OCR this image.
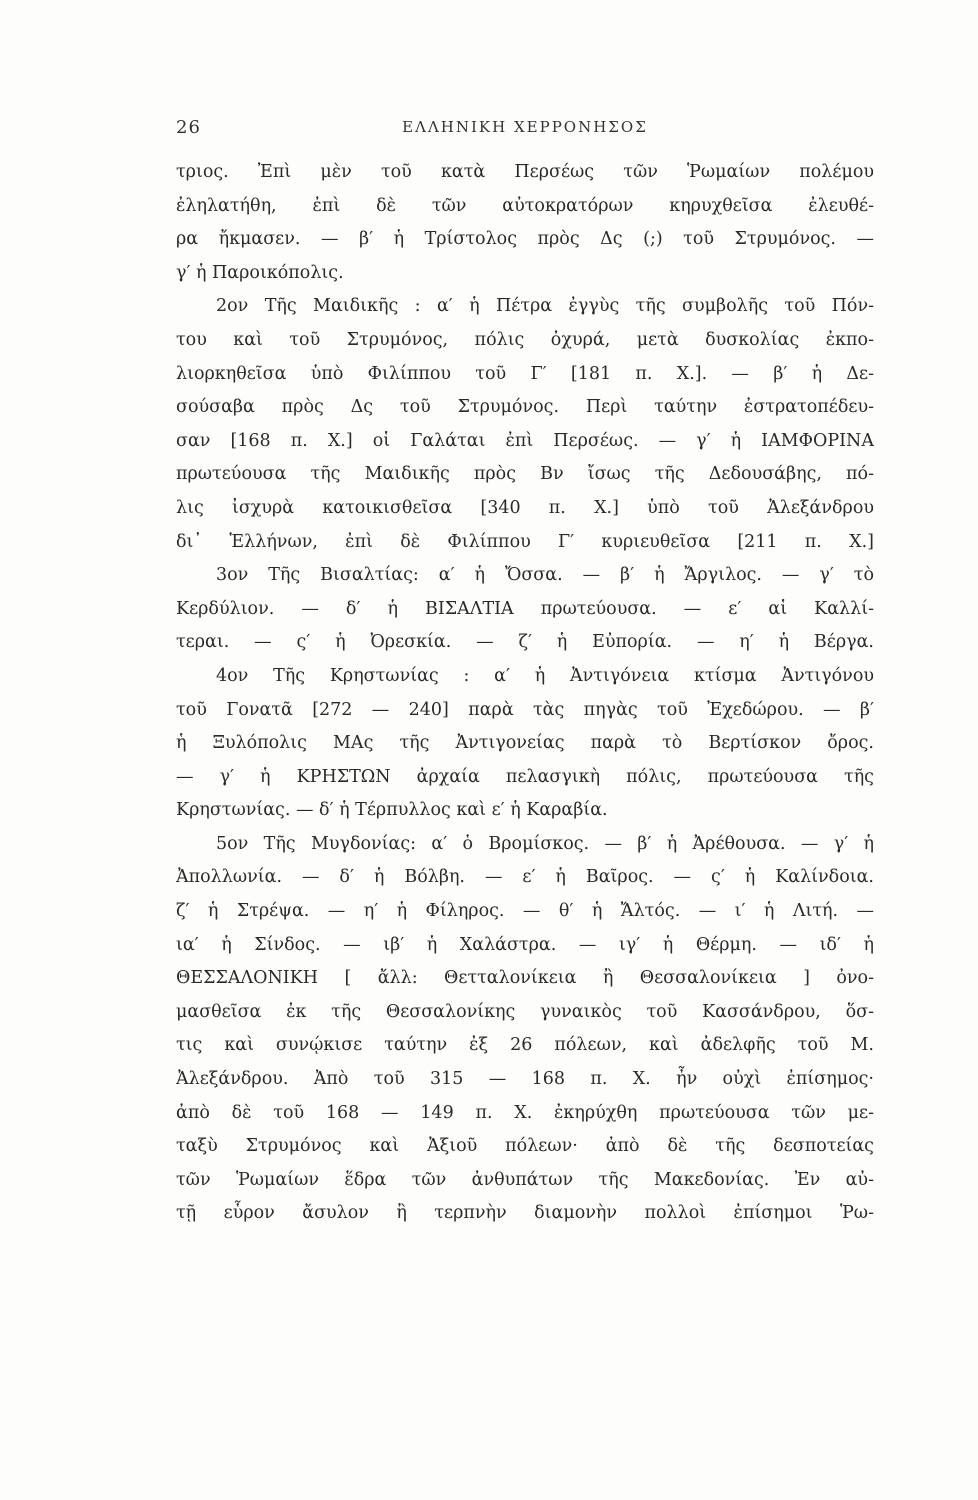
26	ΕΛΛΗΝΙΚΗ ΧΕΡΡΟΝΗΣΟΣ
τριος. Ἐπὶ μὲν τοῦ κατὰ Περσέως τῶν Ῥωμαίων πολέμου
ἐληλατήθη, ἐπὶ δὲ τῶν αὐτοκρατόρων κηρυχθεῖσα ἐλευθέ-
ρα ἤκμασεν. — β′ ἡ Τρίστολος πρὸς Δς (;) τοῦ Στρυμόνος. —
γ′ ἡ Παροικόπολις.
2ον Τῆς Μαιδικῆς : α′ ἡ Πέτρα ἐγγὺς τῆς συμβολῆς τοῦ Πόν-
του καὶ τοῦ Στρυμόνος, πόλις ὀχυρά, μετὰ δυσκολίας ἐκπο-
λιορκηθεῖσα ὑπὸ Φιλίππου τοῦ Γ′ [181 π. Χ.]. — β′ ἡ Δε-
σούσαβα πρὸς Δς τοῦ Στρυμόνος. Περὶ ταύτην ἐστρατοπέδευ-
σαν [168 π. Χ.] οἱ Γαλάται ἐπὶ Περσέως. — γ′ ἡ ΙΑΜΦΟΡΙΝΑ
πρωτεύουσα τῆς Μαιδικῆς πρὸς Βν ἴσως τῆς Δεδουσάβης, πό-
λις ἰσχυρὰ κατοικισθεῖσα [340 π. Χ.] ὑπὸ τοῦ Ἀλεξάνδρου
δι᾽ Ἑλλήνων, ἐπὶ δὲ Φιλίππου Γ′ κυριευθεῖσα [211 π. Χ.]
3ον Τῆς Βισαλτίας: α′ ἡ Ὄσσα. — β′ ἡ Ἄργιλος. — γ′ τὸ
Κερδύλιον. — δ′ ἡ ΒΙΣΑΛΤΙΑ πρωτεύουσα. — ε′ αἱ Καλλί-
τεραι. — ς′ ἡ Ὀρεσκία. — ζ′ ἡ Εὐπορία. — η′ ἡ Βέργα.
4ον Τῆς Κρηστωνίας : α′ ἡ Ἀντιγόνεια κτίσμα Ἀντιγόνου
τοῦ Γονατᾶ [272 — 240] παρὰ τὰς πηγὰς τοῦ Ἐχεδώρου. — β′
ἡ Ξυλόπολις ΜΑς τῆς Ἀντιγονείας παρὰ τὸ Βερτίσκον ὄρος.
— γ′ ἡ ΚΡΗΣΤΩΝ ἀρχαία πελασγικὴ πόλις, πρωτεύουσα τῆς
Κρηστωνίας. — δ′ ἡ Τέρπυλλος καὶ ε′ ἡ Καραβία.
5ον Τῆς Μυγδονίας: α′ ὁ Βρομίσκος. — β′ ἡ Ἀρέθουσα. — γ′ ἡ
Ἀπολλωνία. — δ′ ἡ Βόλβη. — ε′ ἡ Βαῖρος. — ς′ ἡ Καλίνδοια.
ζ′ ἡ Στρέψα. — η′ ἡ Φίληρος. — θ′ ἡ Ἄλτός. — ι′ ἡ Λιτή. —
ια′ ἡ Σίνδος. — ιβ′ ἡ Χαλάστρα. — ιγ′ ἡ Θέρμη. — ιδ′ ἡ
ΘΕΣΣΑΛΟΝΙΚΗ [ ἄλλ: Θετταλονίκεια ἢ Θεσσαλονίκεια ] ὀνο-
μασθεῖσα ἐκ τῆς Θεσσαλονίκης γυναικὸς τοῦ Κασσάνδρου, ὅσ-
τις καὶ συνῴκισε ταύτην ἐξ 26 πόλεων, καὶ ἀδελφῆς τοῦ Μ.
Ἀλεξάνδρου. Ἀπὸ τοῦ 315 — 168 π. Χ. ἦν οὐχὶ ἐπίσημος·
ἀπὸ δὲ τοῦ 168 — 149 π. Χ. ἐκηρύχθη πρωτεύουσα τῶν με-
ταξὺ Στρυμόνος καὶ Ἀξιοῦ πόλεων· ἀπὸ δὲ τῆς δεσποτείας
τῶν Ῥωμαίων ἕδρα τῶν ἀνθυπάτων τῆς Μακεδονίας. Ἐν αὐ-
τῇ εὗρον ἄσυλον ἢ τερπνὴν διαμονὴν πολλοὶ ἐπίσημοι Ῥω-
